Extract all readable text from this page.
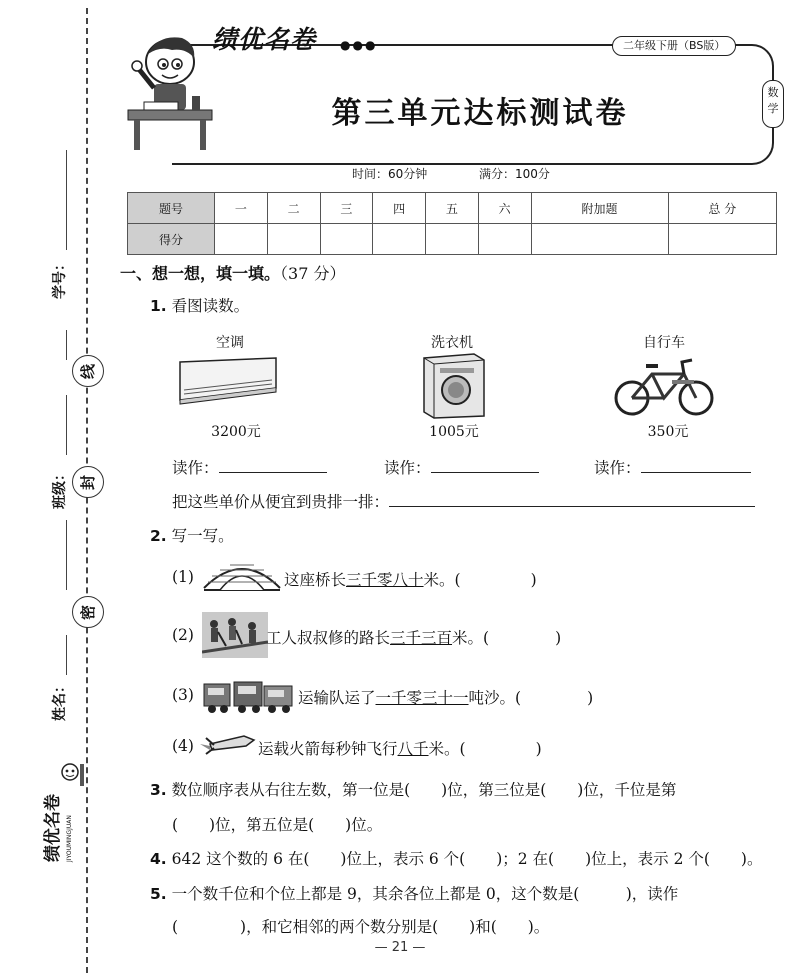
学号：
线
班级： 封
密
姓名：
绩优名卷 JIYOUMINGJUAN
绩优名卷 ●●●	二年级下册（BS版）
第三单元达标测试卷
数
学
时间：60分钟	满分：100分
题号	一	二	三	四	五	六	附加题	总 分
得分								
一、想一想，填一填。（37 分）
1. 看图读数。
空调
3200元
洗衣机
1005元
自行车
350元
读作：	读作：	读作：
把这些单价从便宜到贵排一排：
2. 写一写。
(1)	这座桥长三千零八十米。(	)
(2)	工人叔叔修的路长三千三百米。(	)
(3)	运输队运了一千零三十一吨沙。(	)
(4)	运载火箭每秒钟飞行八千米。(	)
3. 数位顺序表从右往左数，第一位是(　　)位，第三位是(　　)位，千位是第
(　　)位，第五位是(　　)位。
4. 642 这个数的 6 在(　　)位上，表示 6 个(　　)；2 在(　　)位上，表示 2 个(　　)。
5. 一个数千位和个位上都是 9，其余各位上都是 0，这个数是(　　　)，读作
(　　　　)，和它相邻的两个数分别是(　　)和(　　)。
— 21 —
